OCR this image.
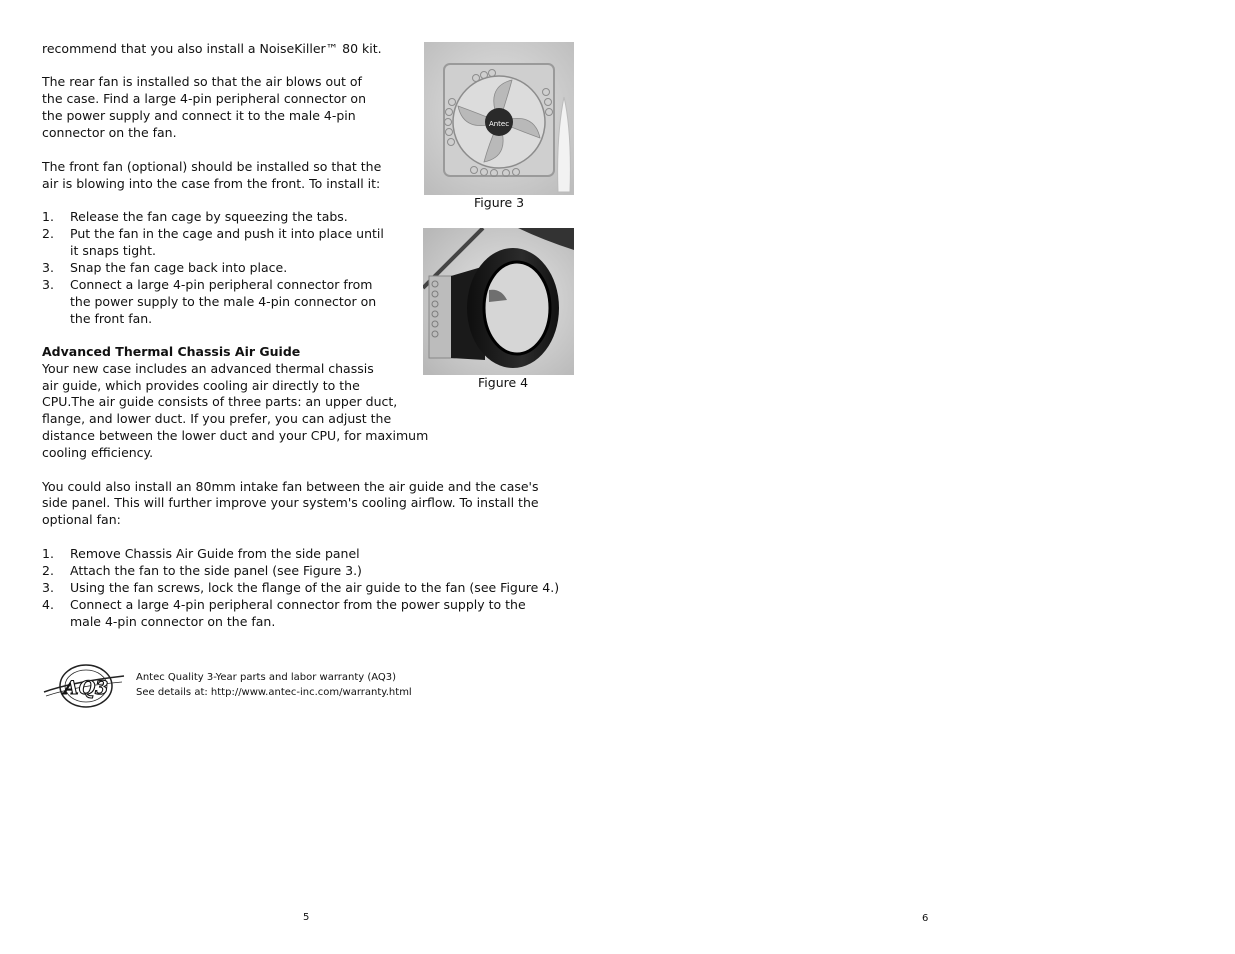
recommend that you also install a NoiseKiller™ 80 kit.

The rear fan is installed so that the air blows out of

the case. Find a large 4-pin peripheral connector on

the power supply and connect it to the male 4-pin

connector on the fan.

The front fan (optional) should be installed so that the

air is blowing into the case from the front. To install it:

1. Release the fan cage by squeezing the tabs.
2. Put the fan in the cage and push it into place until
it snaps tight.
3. Snap the fan cage back into place.
3. Connect a large 4-pin peripheral connector from
the power supply to the male 4-pin connector on
the front fan.
Advanced Thermal Chassis Air Guide

Your new case includes an advanced thermal chassis

air guide, which provides cooling air directly to the

CPU.The air guide consists of three parts: an upper duct,

flange, and lower duct. If you prefer, you can adjust the

distance between the lower duct and your CPU, for maximum

cooling efficiency.

You could also install an 80mm intake fan between the air guide and the case's

side panel. This will further improve your system's cooling airflow. To install the

optional fan:

1. Remove Chassis Air Guide from the side panel
2. Attach the fan to the side panel (see Figure 3.)
3. Using the fan screws, lock the flange of the air guide to the fan (see Figure 4.)
4. Connect a large 4-pin peripheral connector from the power supply to the
male 4-pin connector on the fan.
Antec
Figure 3
Figure 4
AQ3	Antec Quality 3-Year parts and labor warranty (AQ3)
See details at: http://www.antec-inc.com/warranty.html
5	6
